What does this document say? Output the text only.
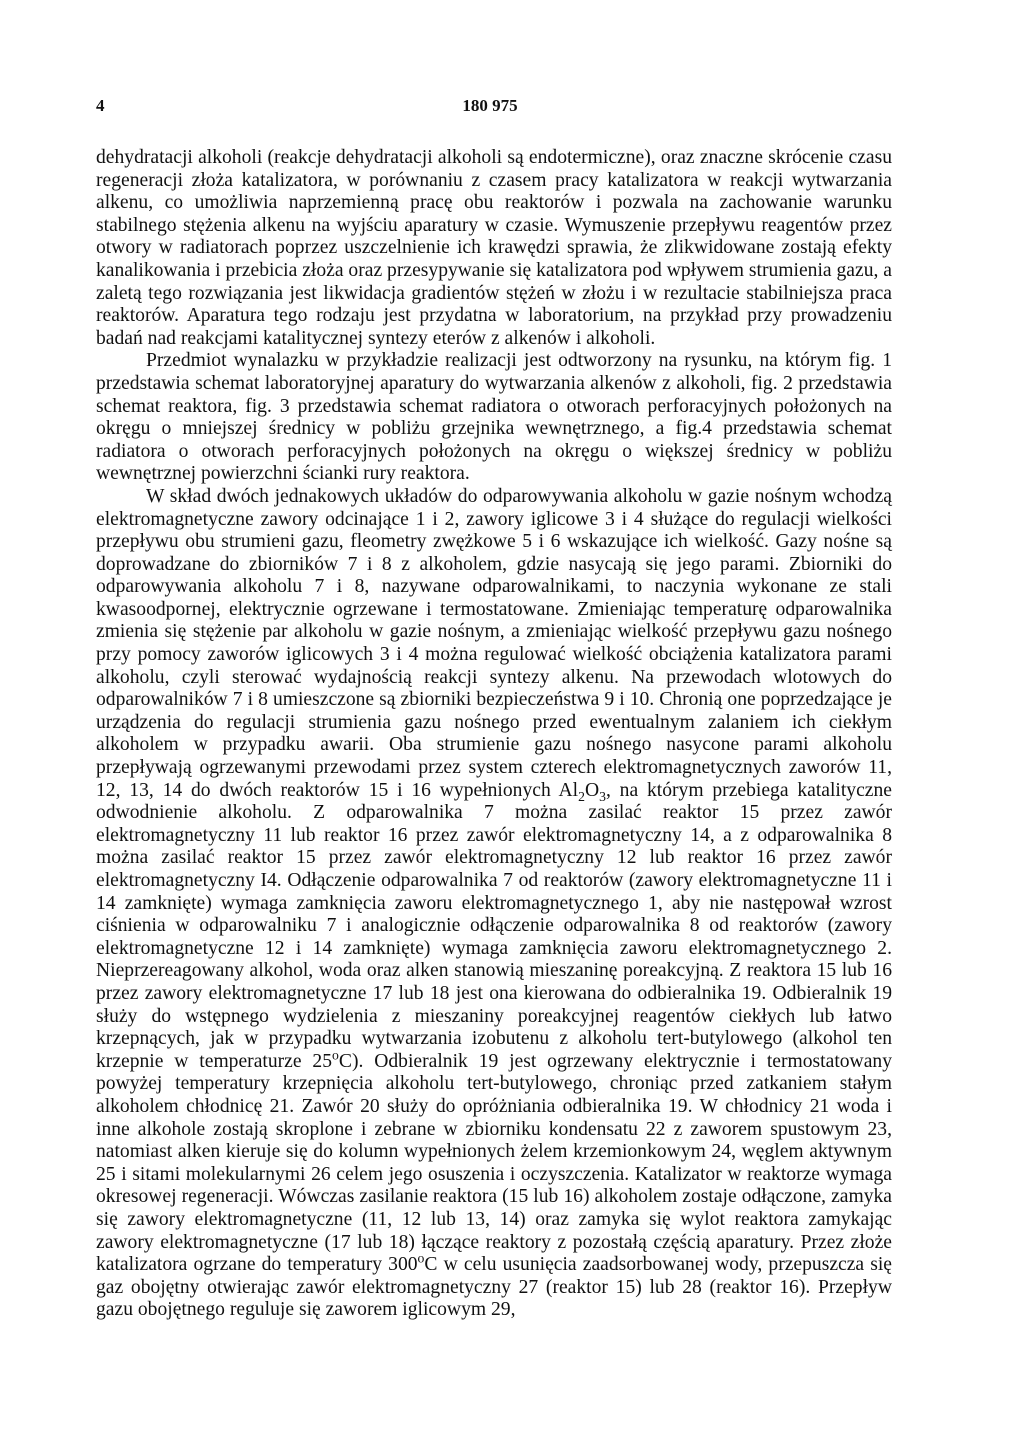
4	180 975

dehydratacji alkoholi (reakcje dehydratacji alkoholi są endotermiczne), oraz znaczne skrócenie czasu regeneracji złoża katalizatora, w porównaniu z czasem pracy katalizatora w reakcji wytwarzania alkenu, co umożliwia naprzemienną pracę obu reaktorów i pozwala na zachowanie warunku stabilnego stężenia alkenu na wyjściu aparatury w czasie. Wymuszenie przepływu reagentów przez otwory w radiatorach poprzez uszczelnienie ich krawędzi sprawia, że zlikwidowane zostają efekty kanalikowania i przebicia złoża oraz przesypywanie się katalizatora pod wpływem strumienia gazu, a zaletą tego rozwiązania jest likwidacja gradientów stężeń w złożu i w rezultacie stabilniejsza praca reaktorów. Aparatura tego rodzaju jest przydatna w laboratorium, na przykład przy prowadzeniu badań nad reakcjami katalitycznej syntezy eterów z alkenów i alkoholi.

Przedmiot wynalazku w przykładzie realizacji jest odtworzony na rysunku, na którym fig. 1 przedstawia schemat laboratoryjnej aparatury do wytwarzania alkenów z alkoholi, fig. 2 przedstawia schemat reaktora, fig. 3 przedstawia schemat radiatora o otworach perforacyjnych położonych na okręgu o mniejszej średnicy w pobliżu grzejnika wewnętrznego, a fig.4 przedstawia schemat radiatora o otworach perforacyjnych położonych na okręgu o większej średnicy w pobliżu wewnętrznej powierzchni ścianki rury reaktora.

W skład dwóch jednakowych układów do odparowywania alkoholu w gazie nośnym wchodzą elektromagnetyczne zawory odcinające 1 i 2, zawory iglicowe 3 i 4 służące do regulacji wielkości przepływu obu strumieni gazu, fleometry zwężkowe 5 i 6 wskazujące ich wielkość. Gazy nośne są doprowadzane do zbiorników 7 i 8 z alkoholem, gdzie nasycają się jego parami. Zbiorniki do odparowywania alkoholu 7 i 8, nazywane odparowalnikami, to naczynia wykonane ze stali kwasoodpornej, elektrycznie ogrzewane i termostatowane. Zmieniając temperaturę odparowalnika zmienia się stężenie par alkoholu w gazie nośnym, a zmieniając wielkość przepływu gazu nośnego przy pomocy zaworów iglicowych 3 i 4 można regulować wielkość obciążenia katalizatora parami alkoholu, czyli sterować wydajnością reakcji syntezy alkenu. Na przewodach wlotowych do odparowalników 7 i 8 umieszczone są zbiorniki bezpieczeństwa 9 i 10. Chronią one poprzedzające je urządzenia do regulacji strumienia gazu nośnego przed ewentualnym zalaniem ich ciekłym alkoholem w przypadku awarii. Oba strumienie gazu nośnego nasycone parami alkoholu przepływają ogrzewanymi przewodami przez system czterech elektromagnetycznych zaworów 11, 12, 13, 14 do dwóch reaktorów 15 i 16 wypełnionych $Al_2O_3$, na którym przebiega katalityczne odwodnienie alkoholu. Z odparowalnika 7 można zasilać reaktor 15 przez zawór elektromagnetyczny 11 lub reaktor 16 przez zawór elektromagnetyczny 14, a z odparowalnika 8 można zasilać reaktor 15 przez zawór elektromagnetyczny 12 lub reaktor 16 przez zawór elektromagnetyczny I4. Odłączenie odparowalnika 7 od reaktorów (zawory elektromagnetyczne 11 i 14 zamknięte) wymaga zamknięcia zaworu elektromagnetycznego 1, aby nie następował wzrost ciśnienia w odparowalniku 7 i analogicznie odłączenie odparowalnika 8 od reaktorów (zawory elektromagnetyczne 12 i 14 zamknięte) wymaga zamknięcia zaworu elektromagnetycznego 2. Nieprzereagowany alkohol, woda oraz alken stanowią mieszaninę poreakcyjną. Z reaktora 15 lub 16 przez zawory elektromagnetyczne 17 lub 18 jest ona kierowana do odbieralnika 19. Odbieralnik 19 służy do wstępnego wydzielenia z mieszaniny poreakcyjnej reagentów ciekłych lub łatwo krzepnących, jak w przypadku wytwarzania izobutenu z alkoholu tert-butylowego (alkohol ten krzepnie w temperaturze 25$^o$C). Odbieralnik 19 jest ogrzewany elektrycznie i termostatowany powyżej temperatury krzepnięcia alkoholu tert-butylowego, chroniąc przed zatkaniem stałym alkoholem chłodnicę 21. Zawór 20 służy do opróżniania odbieralnika 19. W chłodnicy 21 woda i inne alkohole zostają skroplone i zebrane w zbiorniku kondensatu 22 z zaworem spustowym 23, natomiast alken kieruje się do kolumn wypełnionych żelem krzemionkowym 24, węglem aktywnym 25 i sitami molekularnymi 26 celem jego osuszenia i oczyszczenia. Katalizator w reaktorze wymaga okresowej regeneracji. Wówczas zasilanie reaktora (15 lub 16) alkoholem zostaje odłączone, zamyka się zawory elektromagnetyczne (11, 12 lub 13, 14) oraz zamyka się wylot reaktora zamykając zawory elektromagnetyczne (17 lub 18) łączące reaktory z pozostałą częścią aparatury. Przez złoże katalizatora ogrzane do temperatury 300$^o$C w celu usunięcia zaadsorbowanej wody, przepuszcza się gaz obojętny otwierając zawór elektromagnetyczny 27 (reaktor 15) lub 28 (reaktor 16). Przepływ gazu obojętnego reguluje się zaworem iglicowym 29,
